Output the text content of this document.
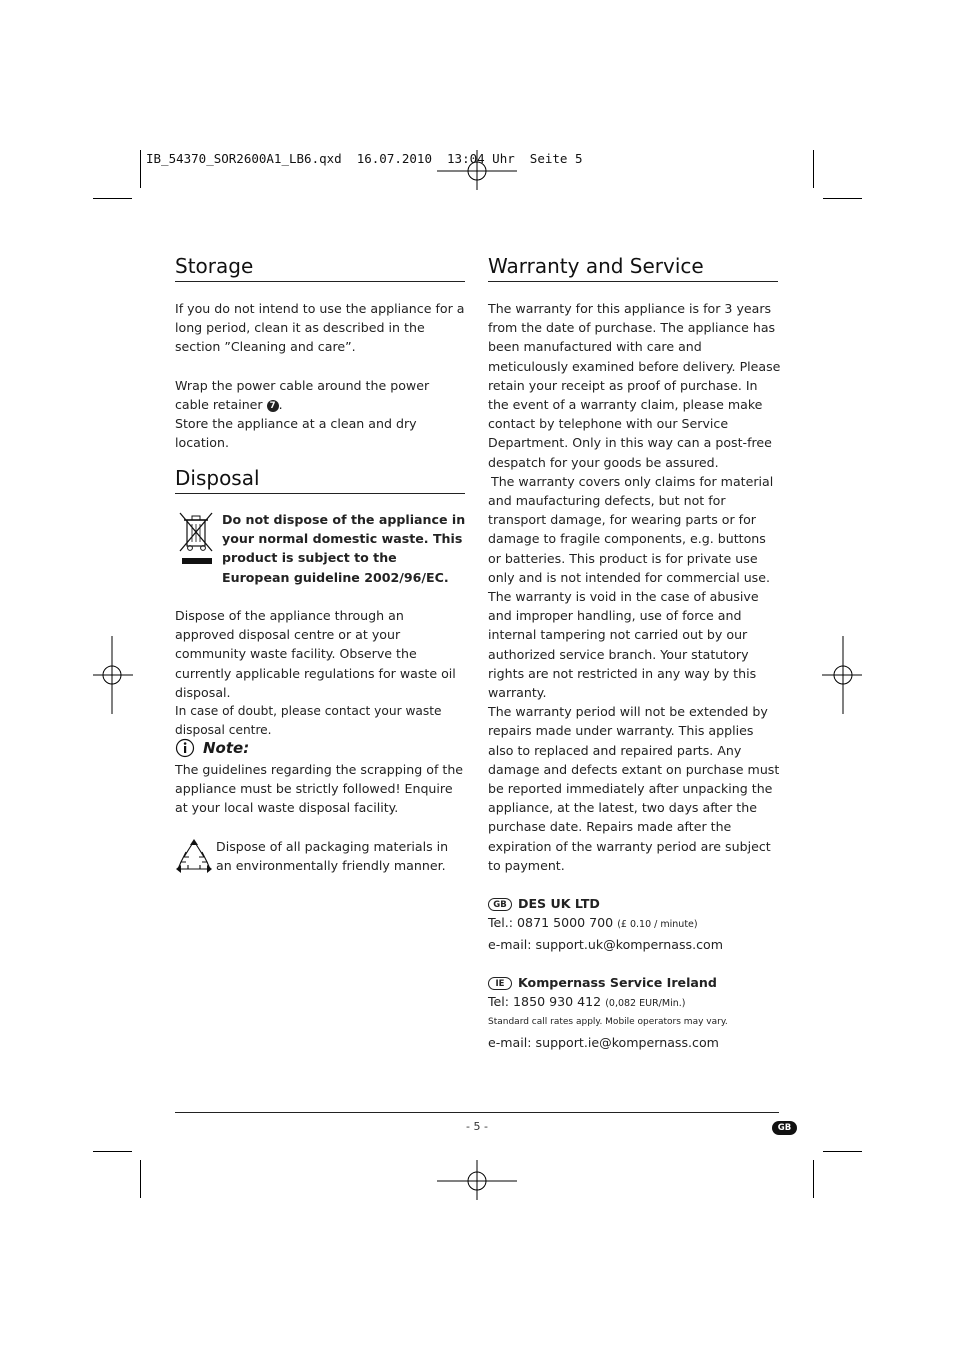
IB_54370_SOR2600A1_LB6.qxd  16.07.2010  13:04 Uhr  Seite 5
Storage

If you do not intend to use the appliance for a long period, clean it as described in the section ”Cleaning and care”.

Wrap the power cable around the power cable retainer 7 .

Store the appliance at a clean and dry location.

Disposal
Do not dispose of the appliance in your normal domestic waste. This product is subject to the European guideline 2002/96/EC.

Dispose of the appliance through an approved disposal centre or at your community waste facility. Observe the currently applicable regulations for waste oil disposal.

In case of doubt, please contact your waste disposal centre.

Note:
The guidelines regarding the scrapping of the appliance must be strictly followed! Enquire at your local waste disposal facility.
Dispose of all packaging materials in an environmentally friendly manner.
Warranty and Service

The warranty for this appliance is for 3 years from the date of purchase. The appliance has been manufactured with care and meticulously examined before delivery. Please retain your receipt as proof of purchase. In the event of a warranty claim, please make contact by telephone with our Service Department. Only in this way can a post-free despatch for your goods be assured.

The warranty covers only claims for material and maufacturing defects, but not for transport damage, for wearing parts or for damage to fragile components, e.g. buttons or batteries. This product is for private use only and is not intended for commercial use. The warranty is void in the case of abusive and improper handling, use of force and internal tampering not carried out by our authorized service branch. Your statutory rights are not restricted in any way by this warranty.

The warranty period will not be extended by repairs made under warranty. This applies also to replaced and repaired parts. Any damage and defects extant on purchase must be reported immediately after unpacking the appliance, at the latest, two days after the purchase date. Repairs made after the expiration of the warranty period are subject to payment.

GB DES UK LTD

Tel.: 0871 5000 700 (£ 0.10 / minute)

e-mail: support.uk@kompernass.com

IE Kompernass Service Ireland

Tel: 1850 930 412 (0,082 EUR/Min.)

Standard call rates apply. Mobile operators may vary.

e-mail: support.ie@kompernass.com

- 5 -	GB
